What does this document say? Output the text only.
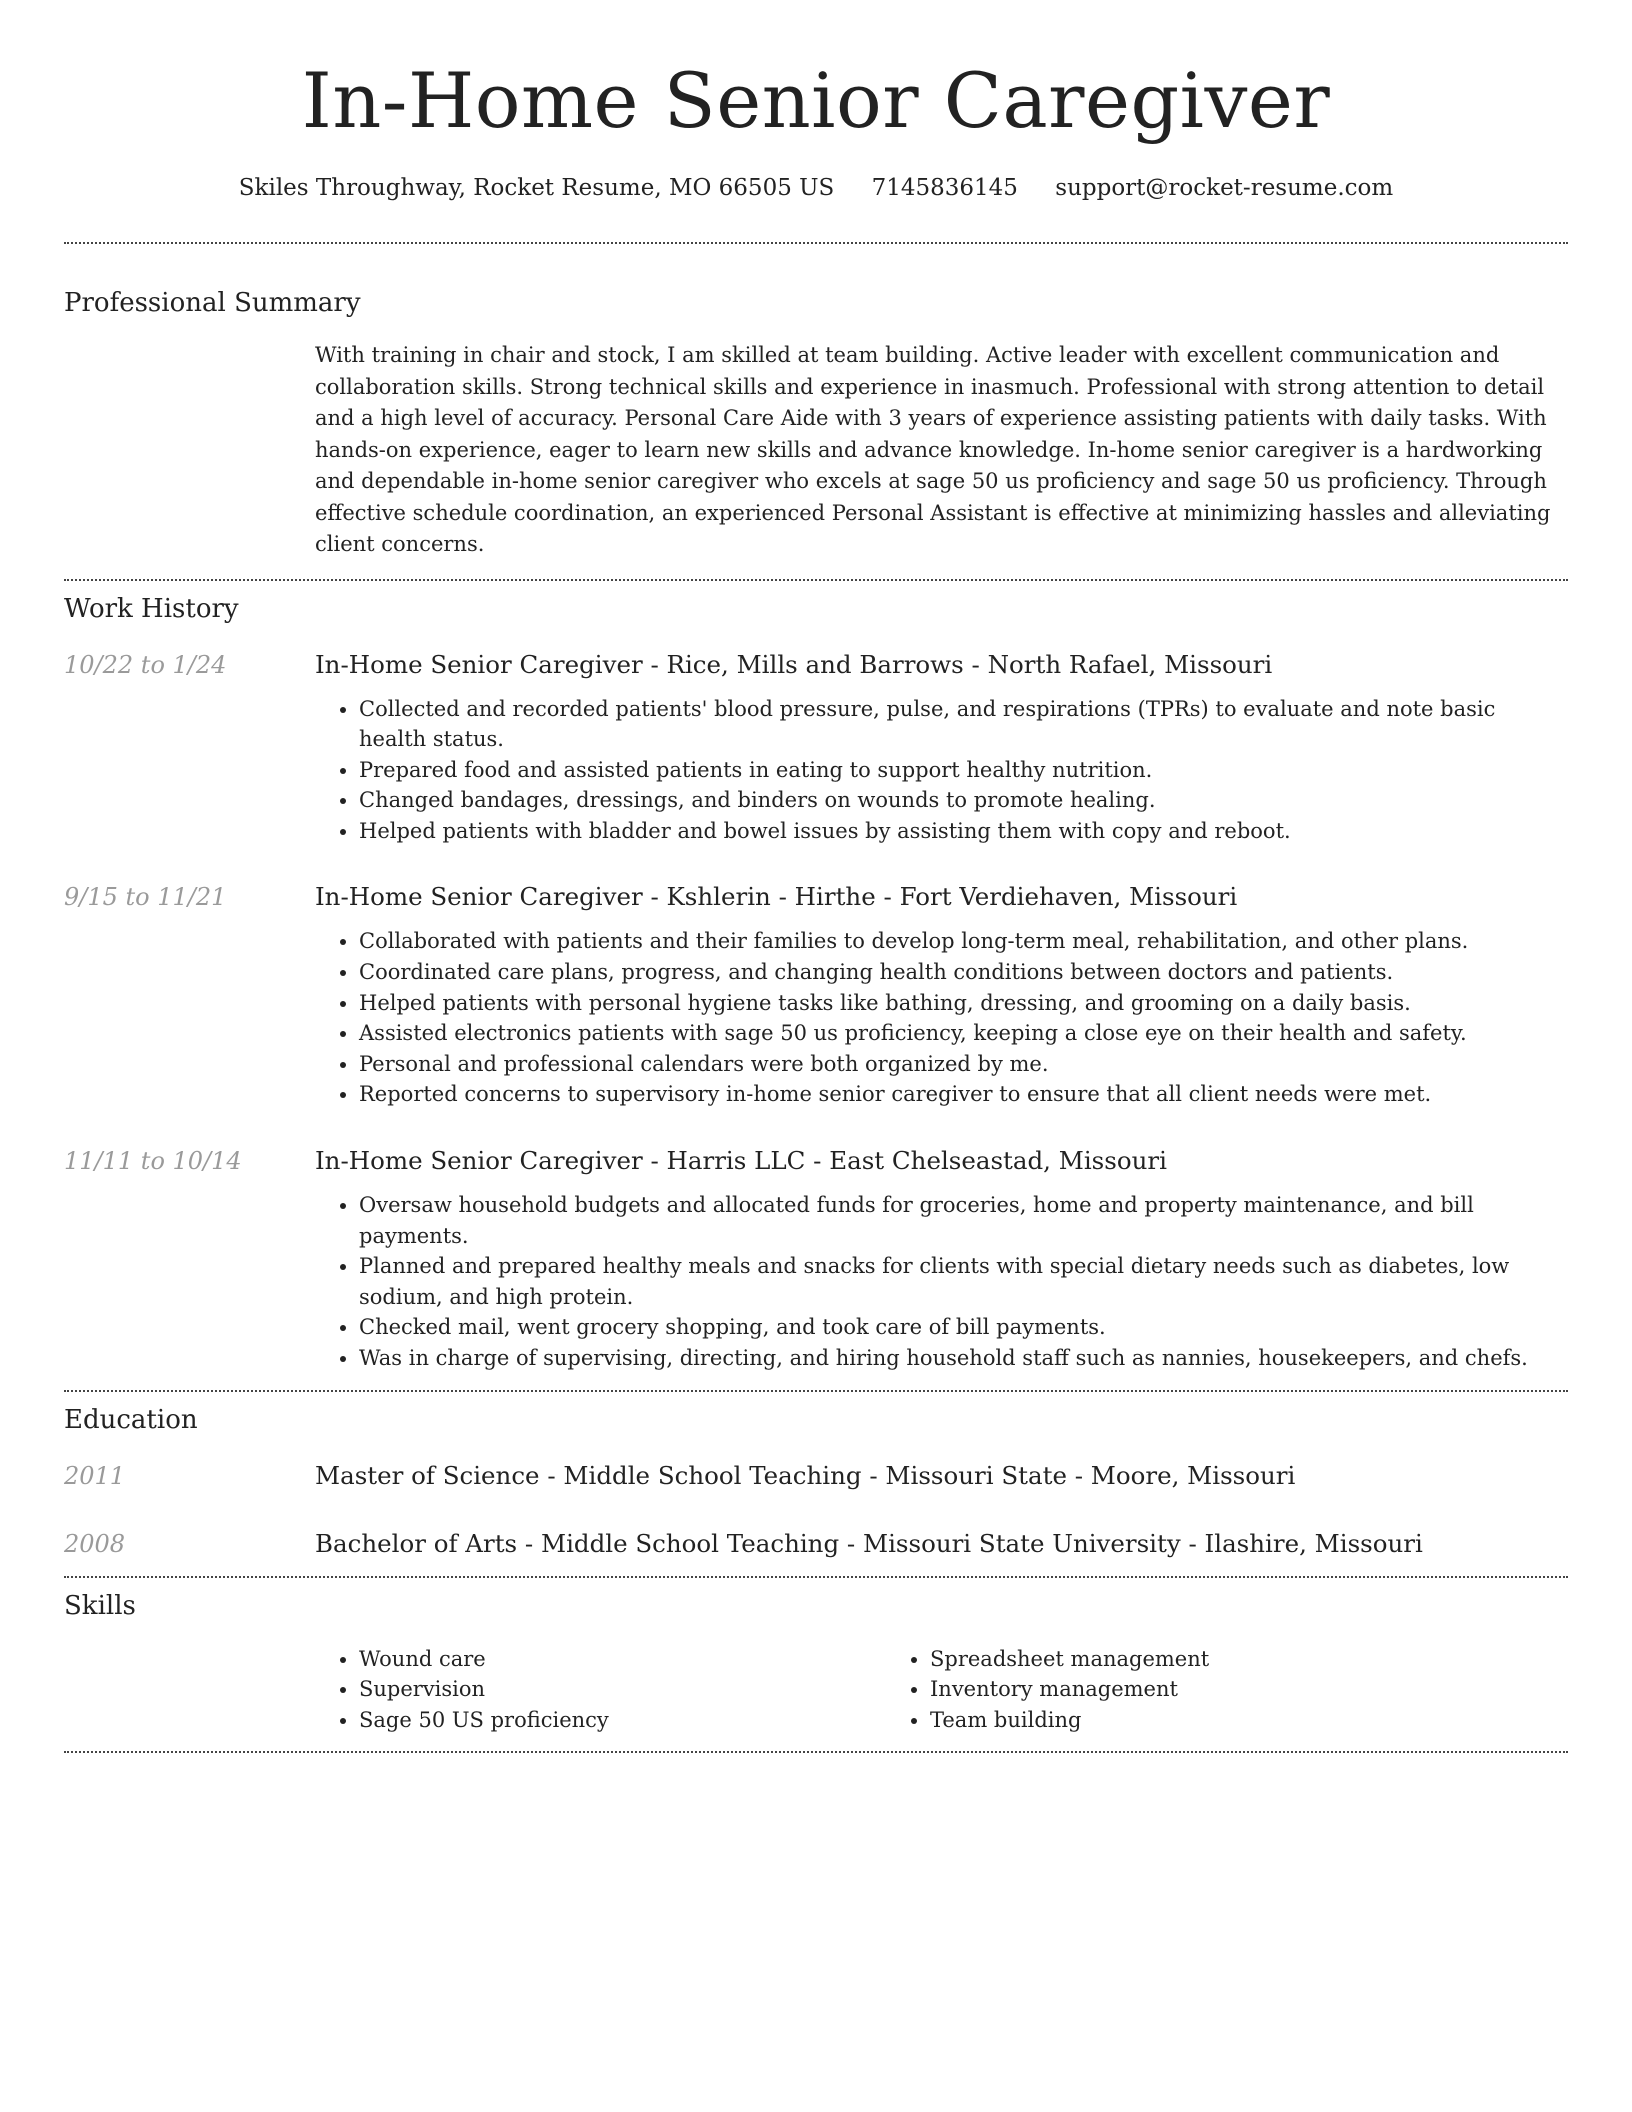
In-Home Senior Caregiver
Skiles Throughway, Rocket Resume, MO 66505 US 7145836145 support@rocket-resume.com
Professional Summary
With training in chair and stock, I am skilled at team building. Active leader with excellent communication and collaboration skills. Strong technical skills and experience in inasmuch. Professional with strong attention to detail and a high level of accuracy. Personal Care Aide with 3 years of experience assisting patients with daily tasks. With hands-on experience, eager to learn new skills and advance knowledge. In-home senior caregiver is a hardworking and dependable in-home senior caregiver who excels at sage 50 us proficiency and sage 50 us proficiency. Through effective schedule coordination, an experienced Personal Assistant is effective at minimizing hassles and alleviating client concerns.
Work History
10/22 to 1/24	In-Home Senior Caregiver - Rice, Mills and Barrows - North Rafael, Missouri
• Collected and recorded patients' blood pressure, pulse, and respirations (TPRs) to evaluate and note basic health status.
• Prepared food and assisted patients in eating to support healthy nutrition.
• Changed bandages, dressings, and binders on wounds to promote healing.
• Helped patients with bladder and bowel issues by assisting them with copy and reboot.
9/15 to 11/21	In-Home Senior Caregiver - Kshlerin - Hirthe - Fort Verdiehaven, Missouri
• Collaborated with patients and their families to develop long-term meal, rehabilitation, and other plans.
• Coordinated care plans, progress, and changing health conditions between doctors and patients.
• Helped patients with personal hygiene tasks like bathing, dressing, and grooming on a daily basis.
• Assisted electronics patients with sage 50 us proficiency, keeping a close eye on their health and safety.
• Personal and professional calendars were both organized by me.
• Reported concerns to supervisory in-home senior caregiver to ensure that all client needs were met.
11/11 to 10/14	In-Home Senior Caregiver - Harris LLC - East Chelseastad, Missouri
• Oversaw household budgets and allocated funds for groceries, home and property maintenance, and bill payments.
• Planned and prepared healthy meals and snacks for clients with special dietary needs such as diabetes, low sodium, and high protein.
• Checked mail, went grocery shopping, and took care of bill payments.
• Was in charge of supervising, directing, and hiring household staff such as nannies, housekeepers, and chefs.
Education
2011	Master of Science - Middle School Teaching - Missouri State - Moore, Missouri
2008	Bachelor of Arts - Middle School Teaching - Missouri State University - Ilashire, Missouri
Skills
• Wound care
• Supervision
• Sage 50 US proficiency
• Spreadsheet management
• Inventory management
• Team building
